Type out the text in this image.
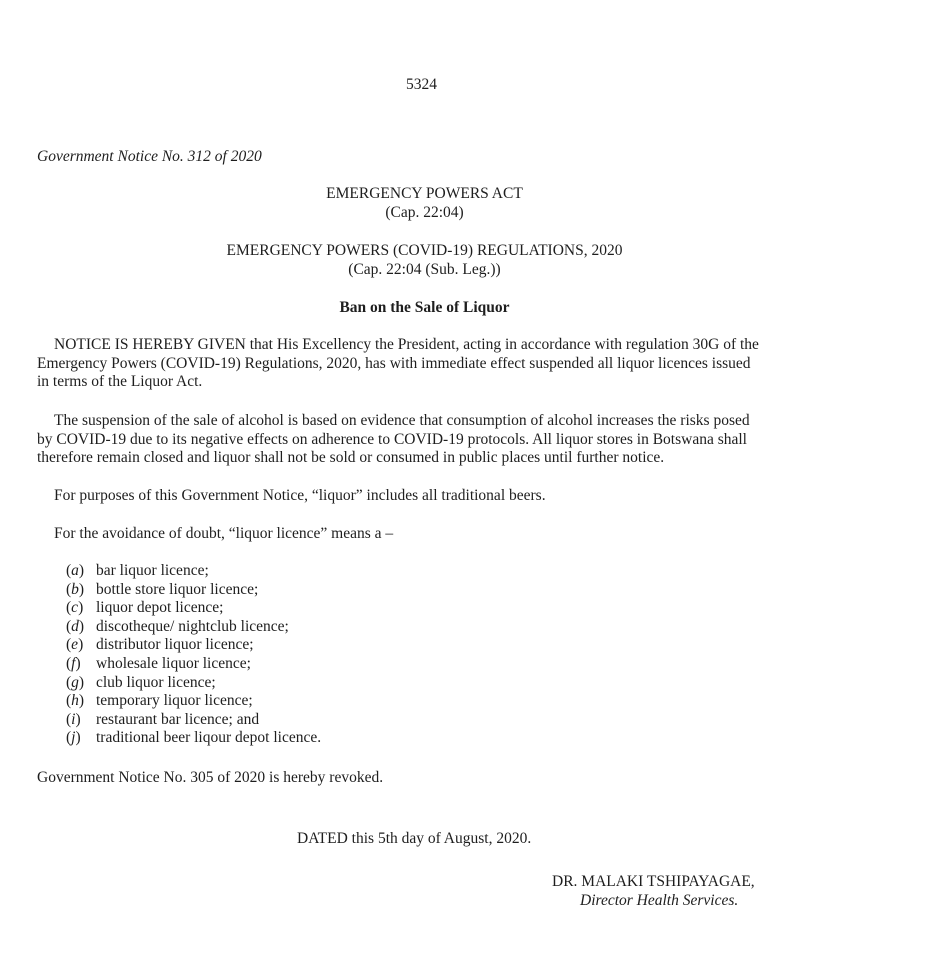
5324
Government Notice No. 312 of 2020
EMERGENCY POWERS ACT
(Cap. 22:04)
EMERGENCY POWERS (COVID-19) REGULATIONS, 2020
(Cap. 22:04 (Sub. Leg.))
Ban on the Sale of Liquor
NOTICE IS HEREBY GIVEN that His Excellency the President, acting in accordance with regulation 30G of the
Emergency Powers (COVID-19) Regulations, 2020, has with immediate effect suspended all liquor licences issued
in terms of the Liquor Act.
The suspension of the sale of alcohol is based on evidence that consumption of alcohol increases the risks posed
by COVID-19 due to its negative effects on adherence to COVID-19 protocols. All liquor stores in Botswana shall
therefore remain closed and liquor shall not be sold or consumed in public places until further notice.
For purposes of this Government Notice, “liquor” includes all traditional beers.
For the avoidance of doubt, “liquor licence” means a –
(a) bar liquor licence;
(b) bottle store liquor licence;
(c) liquor depot licence;
(d) discotheque/ nightclub licence;
(e) distributor liquor licence;
(f) wholesale liquor licence;
(g) club liquor licence;
(h) temporary liquor licence;
(i) restaurant bar licence; and
(j) traditional beer liqour depot licence.
Government Notice No. 305 of 2020 is hereby revoked.
DATED this 5th day of August, 2020.
DR. MALAKI TSHIPAYAGAE,
Director Health Services.
